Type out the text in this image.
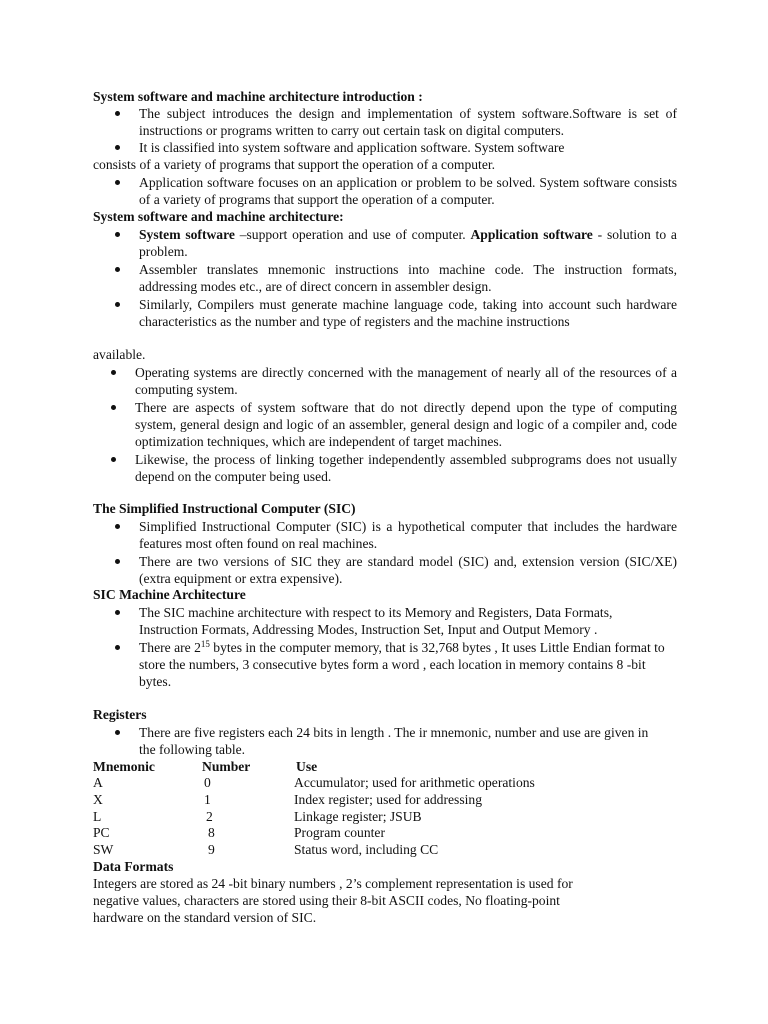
System software and machine architecture introduction :
The subject introduces the design and implementation of system software.Software is set of instructions or programs written to carry out certain task on digital computers.
It is classified into system software and application software. System software
consists of a variety of programs that support the operation of a computer.
Application software focuses on an application or problem to be solved. System software consists of a variety of programs that support the operation of a computer.
System software and machine architecture:
System software –support operation and use of computer. Application software - solution to a problem.
Assembler translates mnemonic instructions into machine code. The instruction formats, addressing modes etc., are of direct concern in assembler design.
Similarly, Compilers must generate machine language code, taking into account such hardware characteristics as the number and type of registers and the machine instructions
available.
Operating systems are directly concerned with the management of nearly all of the resources of a computing system.
There are aspects of system software that do not directly depend upon the type of computing system, general design and logic of an assembler, general design and logic of a compiler and, code optimization techniques, which are independent of target machines.
Likewise, the process of linking together independently assembled subprograms does not usually depend on the computer being used.
The Simplified Instructional Computer (SIC)
Simplified Instructional Computer (SIC) is a hypothetical computer that includes the hardware features most often found on real machines.
There are two versions of SIC they are standard model (SIC) and, extension version (SIC/XE) (extra equipment or extra expensive).
SIC Machine Architecture
The SIC machine architecture with respect to its Memory and Registers, Data Formats, Instruction Formats, Addressing Modes, Instruction Set, Input and Output Memory .
There are $2^{15}$ bytes in the computer memory, that is 32,768 bytes , It uses Little Endian format to store the numbers, 3 consecutive bytes form a word , each location in memory contains 8 -bit bytes.
Registers
There are five registers each 24 bits in length . The ir mnemonic, number and use are given in the following table.
Mnemonic	Number	Use
A	0	Accumulator; used for arithmetic operations
X	1	Index register; used for addressing
L	2	Linkage register; JSUB
PC	8	Program counter
SW	9	Status word, including CC
Data Formats
Integers are stored as 24 -bit binary numbers , 2’s complement representation is used for
negative values, characters are stored using their 8-bit ASCII codes, No floating-point
hardware on the standard version of SIC.
